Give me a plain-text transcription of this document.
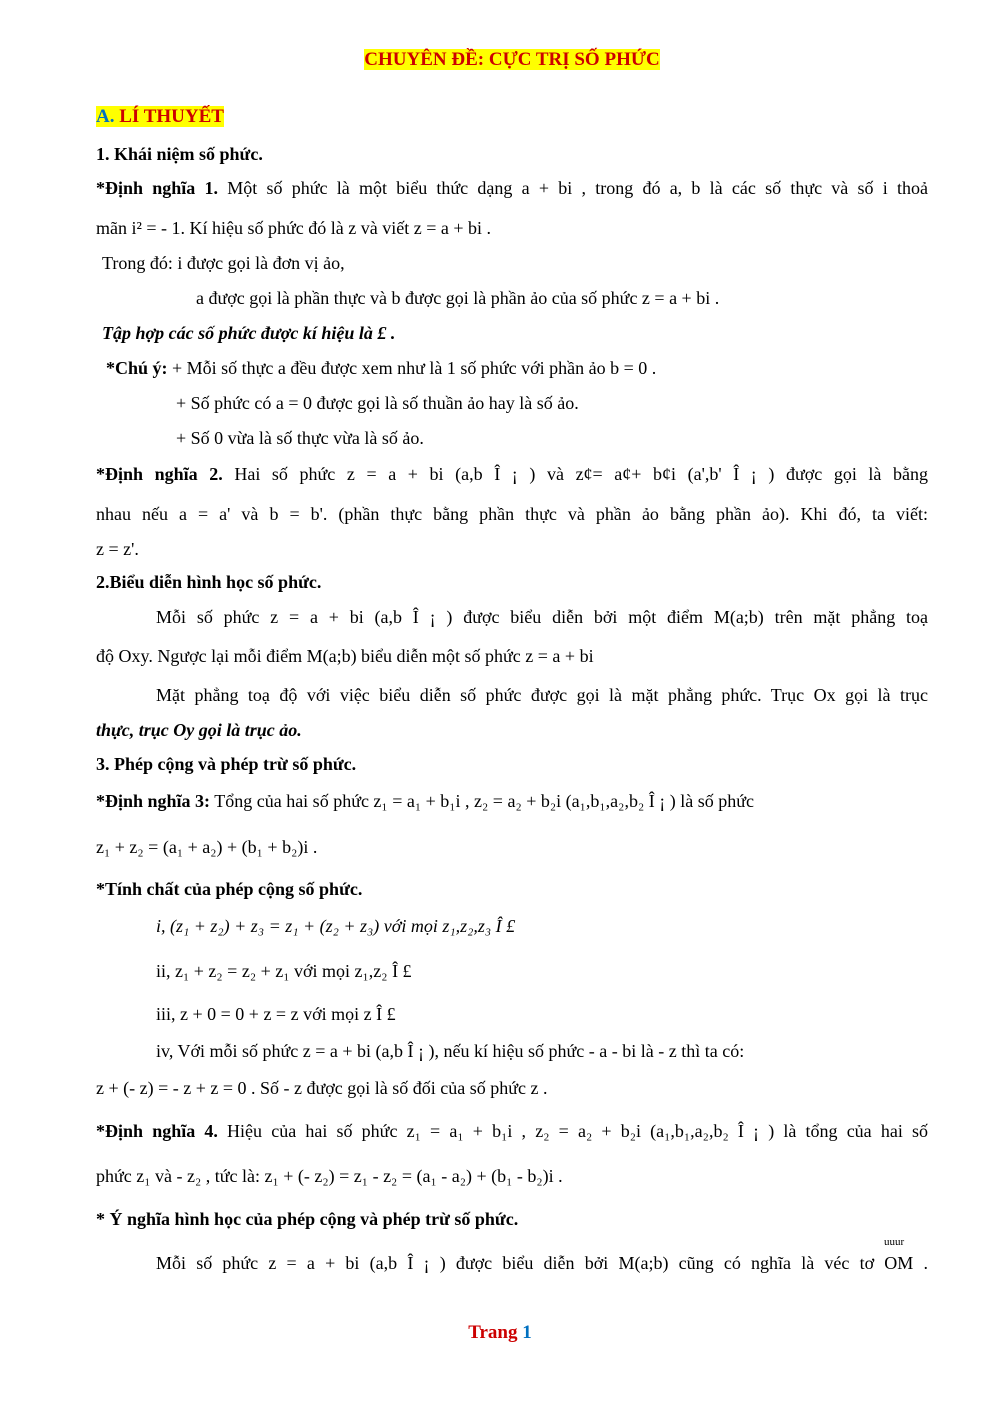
CHUYÊN ĐỀ: CỰC TRỊ SỐ PHỨC
A. LÍ THUYẾT
1. Khái niệm số phức.
*Định nghĩa 1. Một số phức là một biểu thức dạng a + bi , trong đó a, b là các số thực và số i thoả
mãn i² = - 1. Kí hiệu số phức đó là z và viết z = a + bi .
Trong đó: i được gọi là đơn vị ảo,
a được gọi là phần thực và b được gọi là phần ảo của số phức z = a + bi .
Tập hợp các số phức được kí hiệu là £ .
*Chú ý: + Mỗi số thực a đều được xem như là 1 số phức với phần ảo b = 0 .
+ Số phức có a = 0 được gọi là số thuần ảo hay là số ảo.
+ Số 0 vừa là số thực vừa là số ảo.
*Định nghĩa 2. Hai số phức z = a + bi (a,b Î ¡ ) và z¢= a¢+ b¢i (a',b' Î ¡ ) được gọi là bằng
nhau nếu a = a' và b = b'. (phần thực bằng phần thực và phần ảo bằng phần ảo). Khi đó, ta viết:
z = z'.
2.Biểu diễn hình học số phức.
Mỗi số phức z = a + bi (a,b Î ¡ ) được biểu diễn bởi một điểm M(a;b) trên mặt phẳng toạ
độ Oxy. Ngược lại mỗi điểm M(a;b) biểu diễn một số phức z = a + bi
Mặt phẳng toạ độ với việc biểu diễn số phức được gọi là mặt phẳng phức. Trục Ox gọi là trục
thực, trục Oy gọi là trục ảo.
3. Phép cộng và phép trừ số phức.
*Định nghĩa 3: Tổng của hai số phức z₁ = a₁ + b₁i , z₂ = a₂ + b₂i (a₁,b₁,a₂,b₂ Î ¡ ) là số phức
z₁ + z₂ = (a₁ + a₂) + (b₁ + b₂)i .
*Tính chất của phép cộng số phức.
i, (z₁ + z₂) + z₃ = z₁ + (z₂ + z₃) với mọi z₁,z₂,z₃ Î £
ii, z₁ + z₂ = z₂ + z₁ với mọi z₁,z₂ Î £
iii, z + 0 = 0 + z = z với mọi z Î £
iv, Với mỗi số phức z = a + bi (a,b Î ¡ ), nếu kí hiệu số phức - a - bi là - z thì ta có:
z + (- z) = - z + z = 0 . Số - z được gọi là số đối của số phức z .
*Định nghĩa 4. Hiệu của hai số phức z₁ = a₁ + b₁i , z₂ = a₂ + b₂i (a₁,b₁,a₂,b₂ Î ¡ ) là tổng của hai số
phức z₁ và - z₂ , tức là: z₁ + (- z₂) = z₁ - z₂ = (a₁ - a₂) + (b₁ - b₂)i .
* Ý nghĩa hình học của phép cộng và phép trừ số phức.
uuur
Mỗi số phức z = a + bi (a,b Î ¡ ) được biểu diễn bởi M(a;b) cũng có nghĩa là véc tơ OM .
Trang 1
